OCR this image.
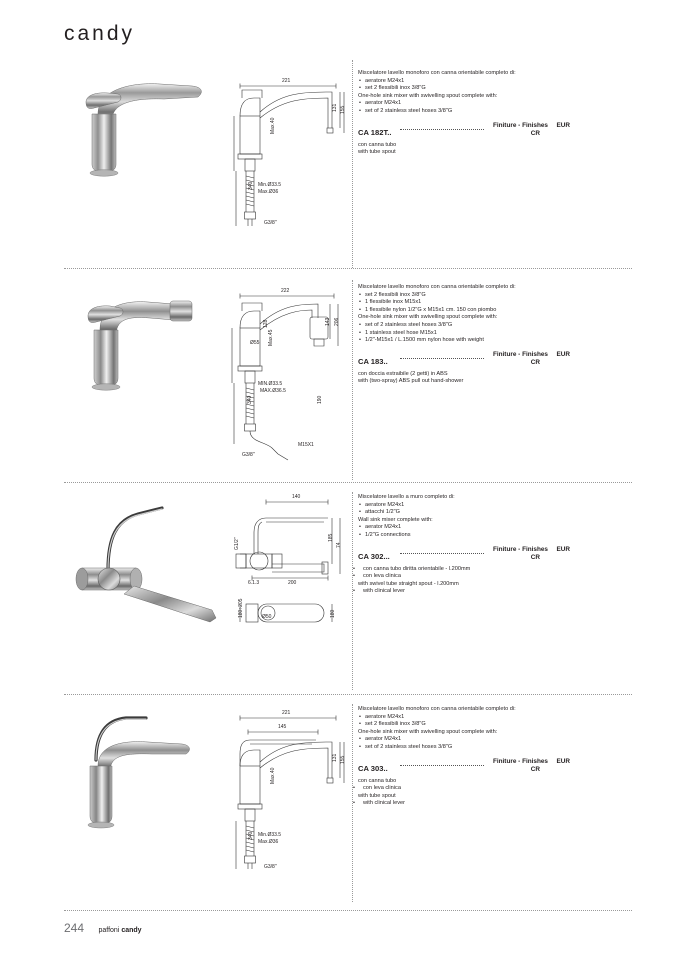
candy
221
131 155
Max.40
340
G3/8"
Min.Ø33.5
Max.Ø36
Miscelatore lavello monoforo con canna orientabile completo di:
• aeratore M24x1
• set 2 flessibili inox 3/8"G
One-hole sink mixer with swivelling spout complete with:
• aerator M24x1
• set of 2 stainless steel hoses 3/8"G
CA 182T..
Finiture - Finishes EUR
CR
con canna tubo
with tube spout
222
206
143
128
Max.45
340	190
M15X1
G3/8"
Ø55
MIN.Ø33.5
MAX.Ø36.5
Miscelatore lavello monoforo con canna orientabile completo di:
• set 2 flessibili inox 3/8"G
• 1 flessibile inox M15x1
• 1 flessibile nylon 1/2"G x M15x1 cm. 150 con piombo
One-hole sink mixer with swivelling spout complete with:
• set of 2 stainless steel hoses 3/8"G
• 1 stainless steel hose M15x1
• 1/2"-M15x1 / L.1500 mm nylon hose with weight
CA 183..
Finiture - Finishes EUR
CR
con doccia estraibile (2 getti) in ABS
with (two-spray) ABS pull out hand-shower
140
185
74
200
G1/2"
6.1.3
180
180÷205	Ø50
Miscelatore lavello a muro completo di:
• aeratore M24x1
• attacchi 1/2"G
Wall sink mixer complete with:
• aerator M24x1
• 1/2"G connections
CA 302...
Finiture - Finishes EUR
CR
• con canna tubo diritta orientabile - l.200mm
• con leva clinica
with swivel tube straight spout - l.200mm
• with clinical lever
221
145
131 155
Max.40
340
G3/8"
Min.Ø33.5
Max.Ø36
Miscelatore lavello monoforo con canna orientabile completo di:
• aeratore M24x1
• set 2 flessibili inox 3/8"G
One-hole sink mixer with swivelling spout complete with:
• aerator M24x1
• set of 2 stainless steel hoses 3/8"G
CA 303..
Finiture - Finishes EUR
CR
con canna tubo
• con leva clinica
with tube spout
• with clinical lever
244 paffoni candy
